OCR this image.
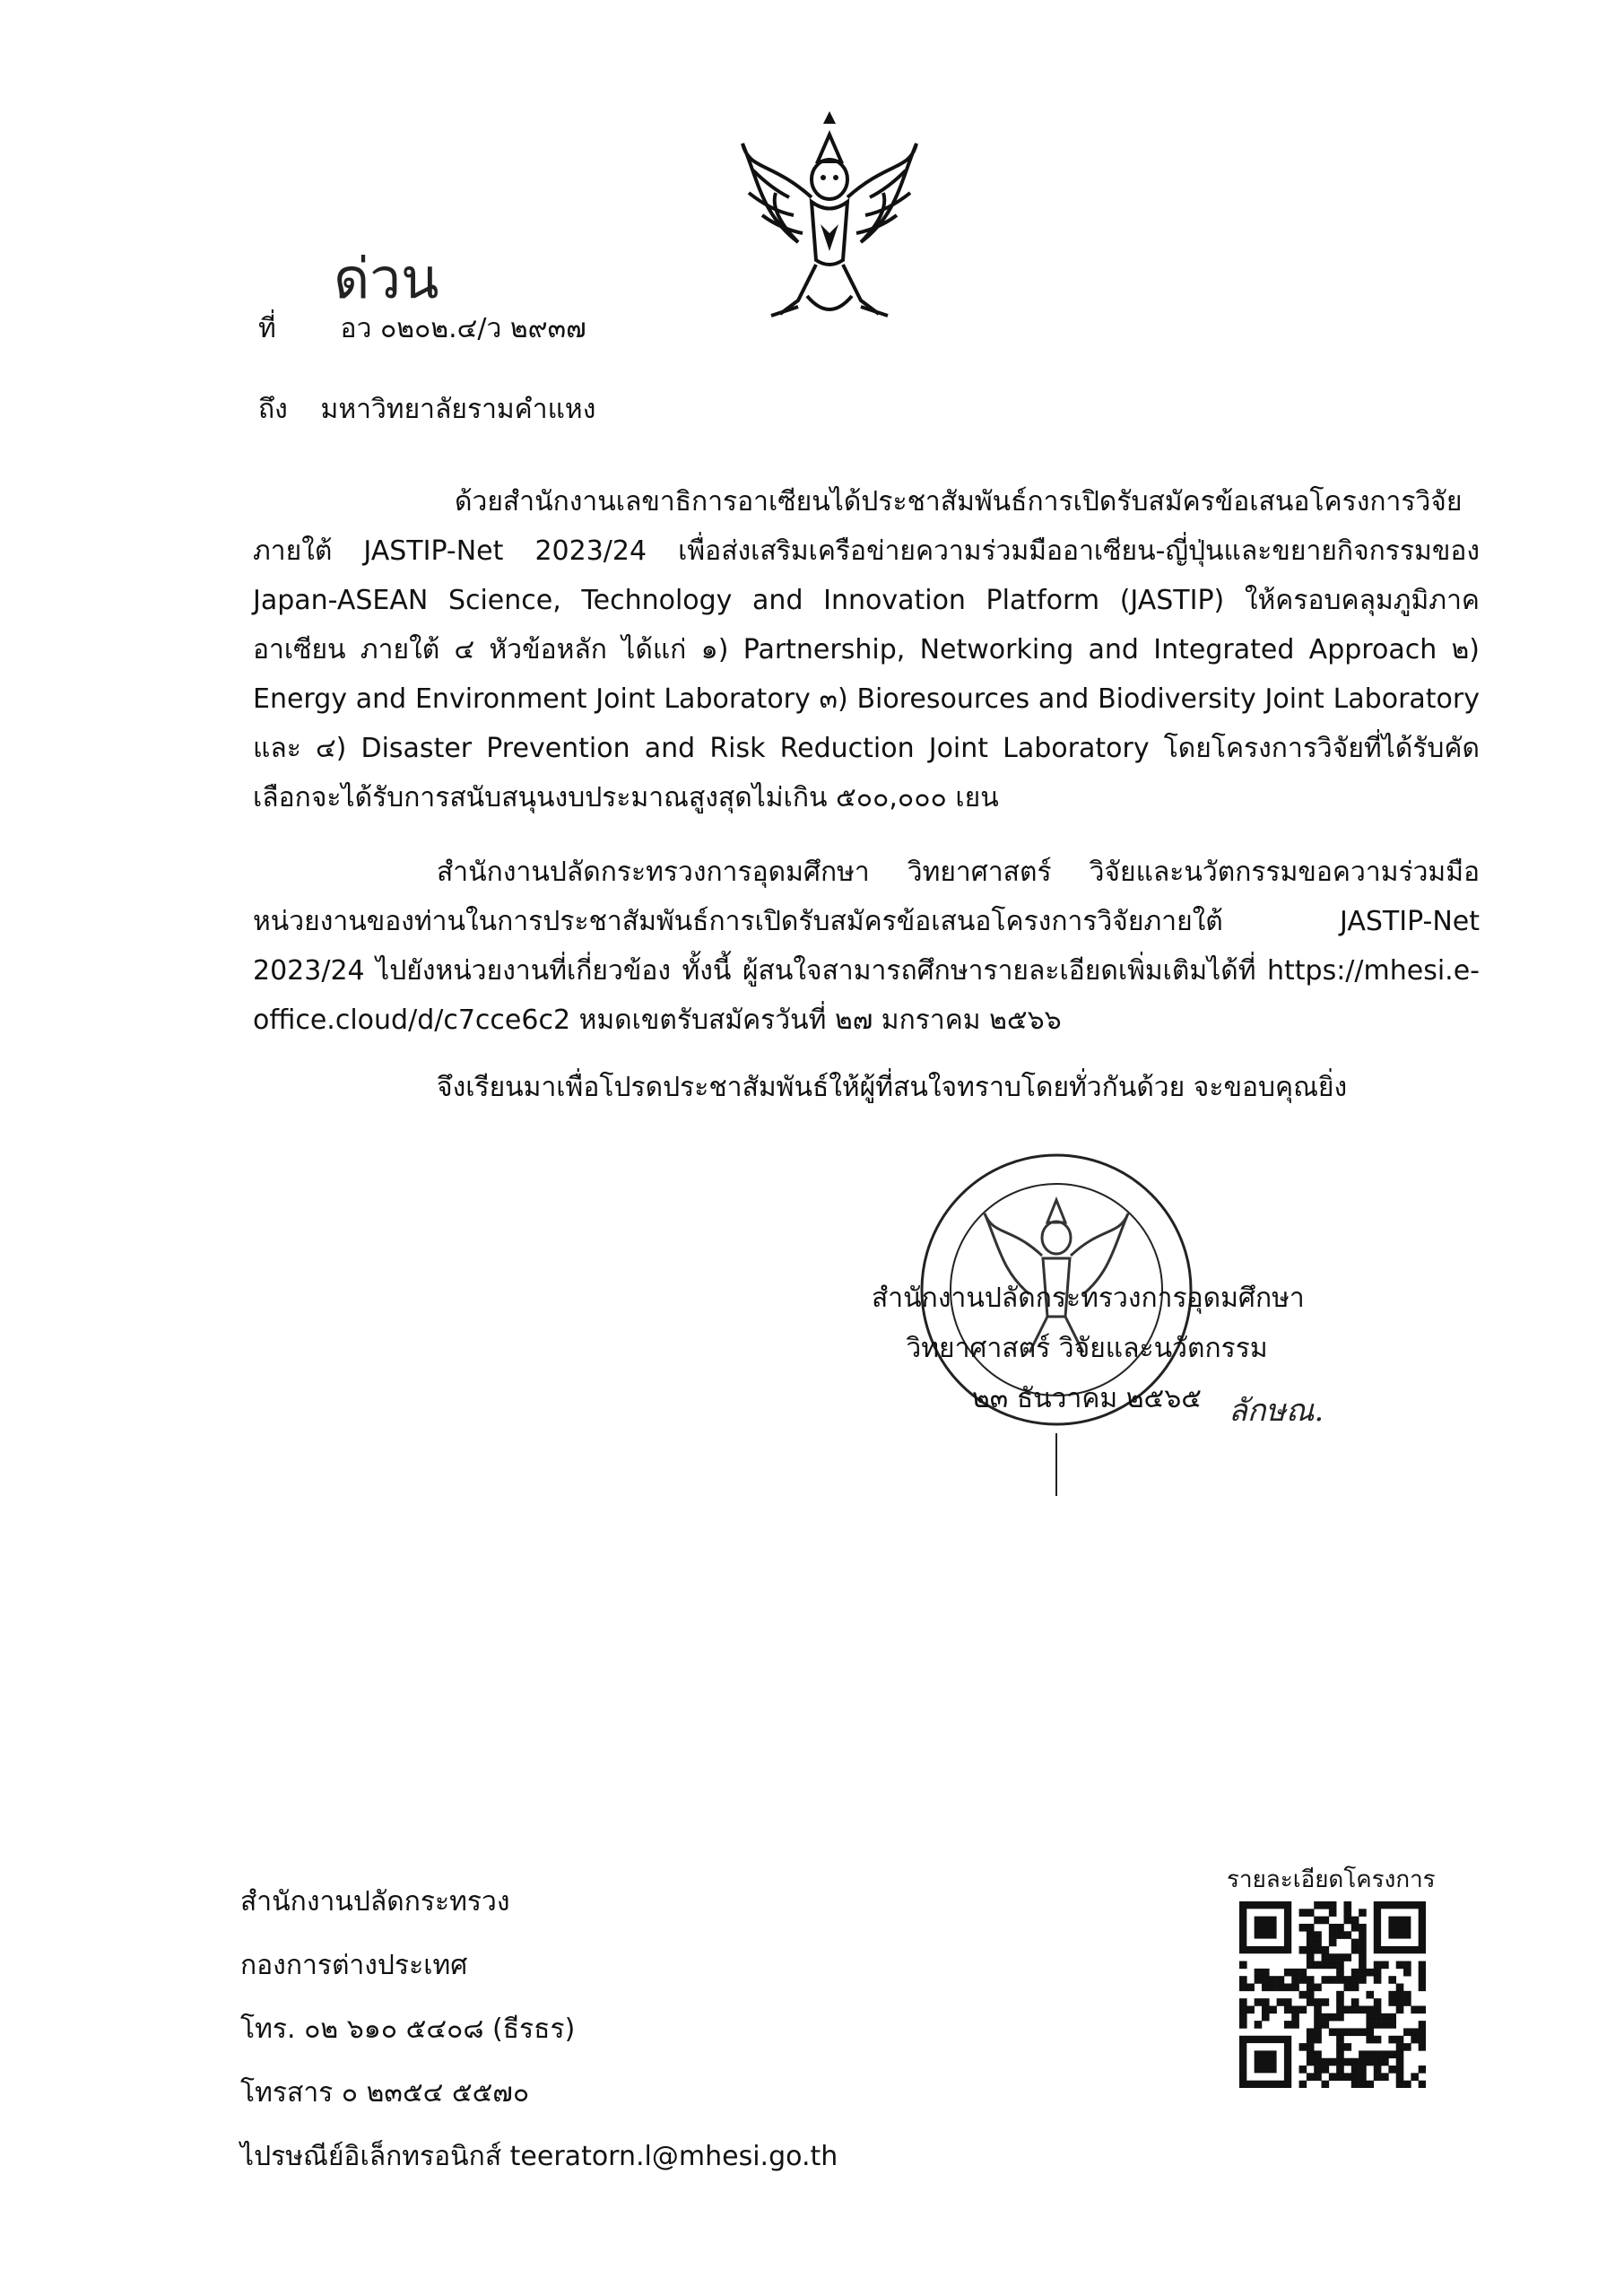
ด่วน
ที่ อว ๐๒๐๒.๔/ว ๒๙๓๗
ถึง มหาวิทยาลัยรามคำแหง
ด้วยสำนักงานเลขาธิการอาเซียนได้ประชาสัมพันธ์การเปิดรับสมัครข้อเสนอโครงการวิจัยภายใต้ JASTIP-Net 2023/24 เพื่อส่งเสริมเครือข่ายความร่วมมืออาเซียน-ญี่ปุ่นและขยายกิจกรรมของ Japan-ASEAN Science, Technology and Innovation Platform (JASTIP) ให้ครอบคลุมภูมิภาคอาเซียน ภายใต้ ๔ หัวข้อหลัก ได้แก่ ๑) Partnership, Networking and Integrated Approach ๒) Energy and Environment Joint Laboratory ๓) Bioresources and Biodiversity Joint Laboratory และ ๔) Disaster Prevention and Risk Reduction Joint Laboratory โดยโครงการวิจัยที่ได้รับคัดเลือกจะได้รับการสนับสนุนงบประมาณสูงสุดไม่เกิน ๕๐๐,๐๐๐ เยน
สำนักงานปลัดกระทรวงการอุดมศึกษา วิทยาศาสตร์ วิจัยและนวัตกรรมขอความร่วมมือหน่วยงานของท่านในการประชาสัมพันธ์การเปิดรับสมัครข้อเสนอโครงการวิจัยภายใต้ JASTIP-Net 2023/24 ไปยังหน่วยงานที่เกี่ยวข้อง ทั้งนี้ ผู้สนใจสามารถศึกษารายละเอียดเพิ่มเติมได้ที่ https://mhesi.e-office.cloud/d/c7cce6c2 หมดเขตรับสมัครวันที่ ๒๗ มกราคม ๒๕๖๖
จึงเรียนมาเพื่อโปรดประชาสัมพันธ์ให้ผู้ที่สนใจทราบโดยทั่วกันด้วย จะขอบคุณยิ่ง
สำนักงานปลัดกระทรวงการอุดมศึกษา
วิทยาศาสตร์ วิจัยและนวัตกรรม
๒๓ ธันวาคม ๒๕๖๕ ลักษณ.
สำนักงานปลัดกระทรวง
กองการต่างประเทศ
โทร. ๐๒ ๖๑๐ ๕๔๐๘ (ธีรธร)
โทรสาร ๐ ๒๓๕๔ ๕๕๗๐
ไปรษณีย์อิเล็กทรอนิกส์ teeratorn.l@mhesi.go.th
รายละเอียดโครงการ
